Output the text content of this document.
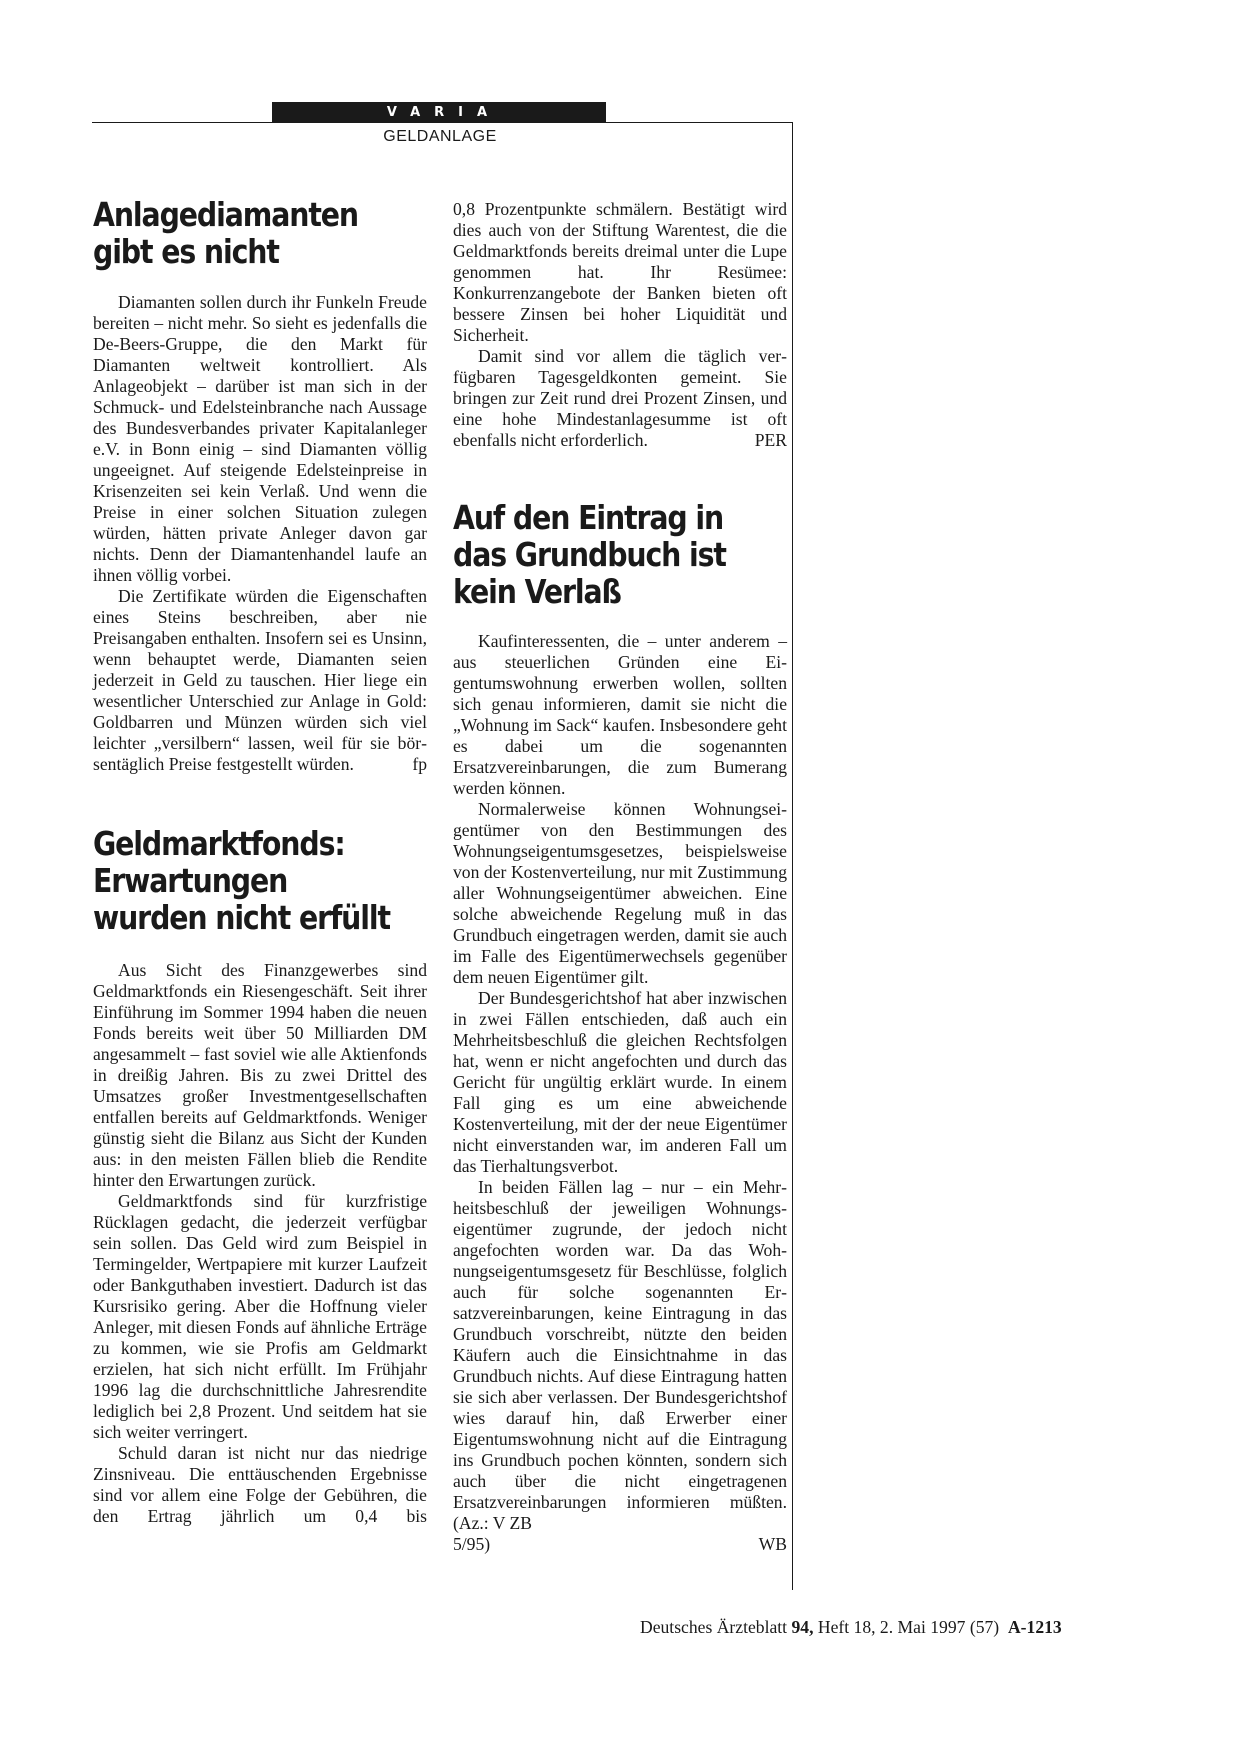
VARIA
GELDANLAGE
Anlagediamanten
gibt es nicht

Diamanten sollen durch ihr Funkeln Freude bereiten – nicht mehr. So sieht es jedenfalls die De-Beers-Gruppe, die den Markt für Diamanten weltweit kontrolliert. Als Anlageobjekt – darüber ist man sich in der Schmuck- und Edelsteinbranche nach Aussage des Bundesverbandes privater Kapitalanleger e.V. in Bonn einig – sind Diamanten völlig ungeeignet. Auf steigende Edelsteinpreise in Krisenzeiten sei kein Verlaß. Und wenn die Preise in einer solchen Situation zulegen würden, hätten private Anleger davon gar nichts. Denn der Diamantenhandel laufe an ihnen völlig vorbei.

Die Zertifikate würden die Eigenschaften eines Steins beschreiben, aber nie Preisangaben enthalten. Insofern sei es Unsinn, wenn behauptet werde, Diamanten seien jederzeit in Geld zu tauschen. Hier liege ein wesentlicher Unterschied zur Anlage in Gold: Goldbarren und Münzen würden sich viel leichter „versilbern“ lassen, weil für sie börsentäglich Preise festgestellt würden.	fp

Geldmarktfonds:
Erwartungen
wurden nicht erfüllt

Aus Sicht des Finanzgewerbes sind Geldmarktfonds ein Riesengeschäft. Seit ihrer Einführung im Sommer 1994 haben die neuen Fonds bereits weit über 50 Milliarden DM angesammelt – fast soviel wie alle Aktienfonds in dreißig Jahren. Bis zu zwei Drittel des Umsatzes großer Investmentgesellschaften entfallen bereits auf Geldmarktfonds. Weniger günstig sieht die Bilanz aus Sicht der Kunden aus: in den meisten Fällen blieb die Rendite hinter den Erwartungen zurück.

Geldmarktfonds sind für kurzfristige Rücklagen gedacht, die jederzeit verfügbar sein sollen. Das Geld wird zum Beispiel in Termingelder, Wertpapiere mit kurzer Laufzeit oder Bankguthaben investiert. Dadurch ist das Kursrisiko gering. Aber die Hoffnung vieler Anleger, mit diesen Fonds auf ähnliche Erträge zu kommen, wie sie Profis am Geldmarkt erzielen, hat sich nicht erfüllt. Im Frühjahr 1996 lag die durchschnittliche Jahresrendite lediglich bei 2,8 Prozent. Und seitdem hat sie sich weiter verringert.

Schuld daran ist nicht nur das niedrige Zinsniveau. Die enttäuschenden Ergebnisse sind vor allem eine Folge der Gebühren, die den Ertrag jährlich um 0,4 bis

0,8 Prozentpunkte schmälern. Bestätigt wird dies auch von der Stiftung Warentest, die die Geldmarktfonds bereits dreimal unter die Lupe genommen hat. Ihr Resümee: Konkurrenzangebote der Banken bieten oft bessere Zinsen bei hoher Liquidität und Sicherheit.

Damit sind vor allem die täglich verfügbaren Tagesgeldkonten gemeint. Sie bringen zur Zeit rund drei Prozent Zinsen, und eine hohe Mindestanlagesumme ist oft ebenfalls nicht erforderlich.	PER

Auf den Eintrag in
das Grundbuch ist
kein Verlaß

Kaufinteressenten, die – unter anderem – aus steuerlichen Gründen eine Eigentumswohnung erwerben wollen, sollten sich genau informieren, damit sie nicht die „Wohnung im Sack“ kaufen. Insbesondere geht es dabei um die sogenannten Ersatzvereinbarungen, die zum Bumerang werden können.

Normalerweise können Wohnungseigentümer von den Bestimmungen des Wohnungseigentumsgesetzes, beispielsweise von der Kostenverteilung, nur mit Zustimmung aller Wohnungseigentümer abweichen. Eine solche abweichende Regelung muß in das Grundbuch eingetragen werden, damit sie auch im Falle des Eigentümerwechsels gegenüber dem neuen Eigentümer gilt.

Der Bundesgerichtshof hat aber inzwischen in zwei Fällen entschieden, daß auch ein Mehrheitsbeschluß die gleichen Rechtsfolgen hat, wenn er nicht angefochten und durch das Gericht für ungültig erklärt wurde. In einem Fall ging es um eine abweichende Kostenverteilung, mit der der neue Eigentümer nicht einverstanden war, im anderen Fall um das Tierhaltungsverbot.

In beiden Fällen lag – nur – ein Mehrheitsbeschluß der jeweiligen Wohnungseigentümer zugrunde, der jedoch nicht angefochten worden war. Da das Wohnungseigentumsgesetz für Beschlüsse, folglich auch für solche sogenannten Ersatzvereinbarungen, keine Eintragung in das Grundbuch vorschreibt, nützte den beiden Käufern auch die Einsichtnahme in das Grundbuch nichts. Auf diese Eintragung hatten sie sich aber verlassen. Der Bundesgerichtshof wies darauf hin, daß Erwerber einer Eigentumswohnung nicht auf die Eintragung ins Grundbuch pochen könnten, sondern sich auch über die nicht eingetragenen Ersatzvereinbarungen informieren müßten. (Az.: V ZB

5/95)	WB

Deutsches Ärzteblatt 94, Heft 18, 2. Mai 1997 (57) A-1213
